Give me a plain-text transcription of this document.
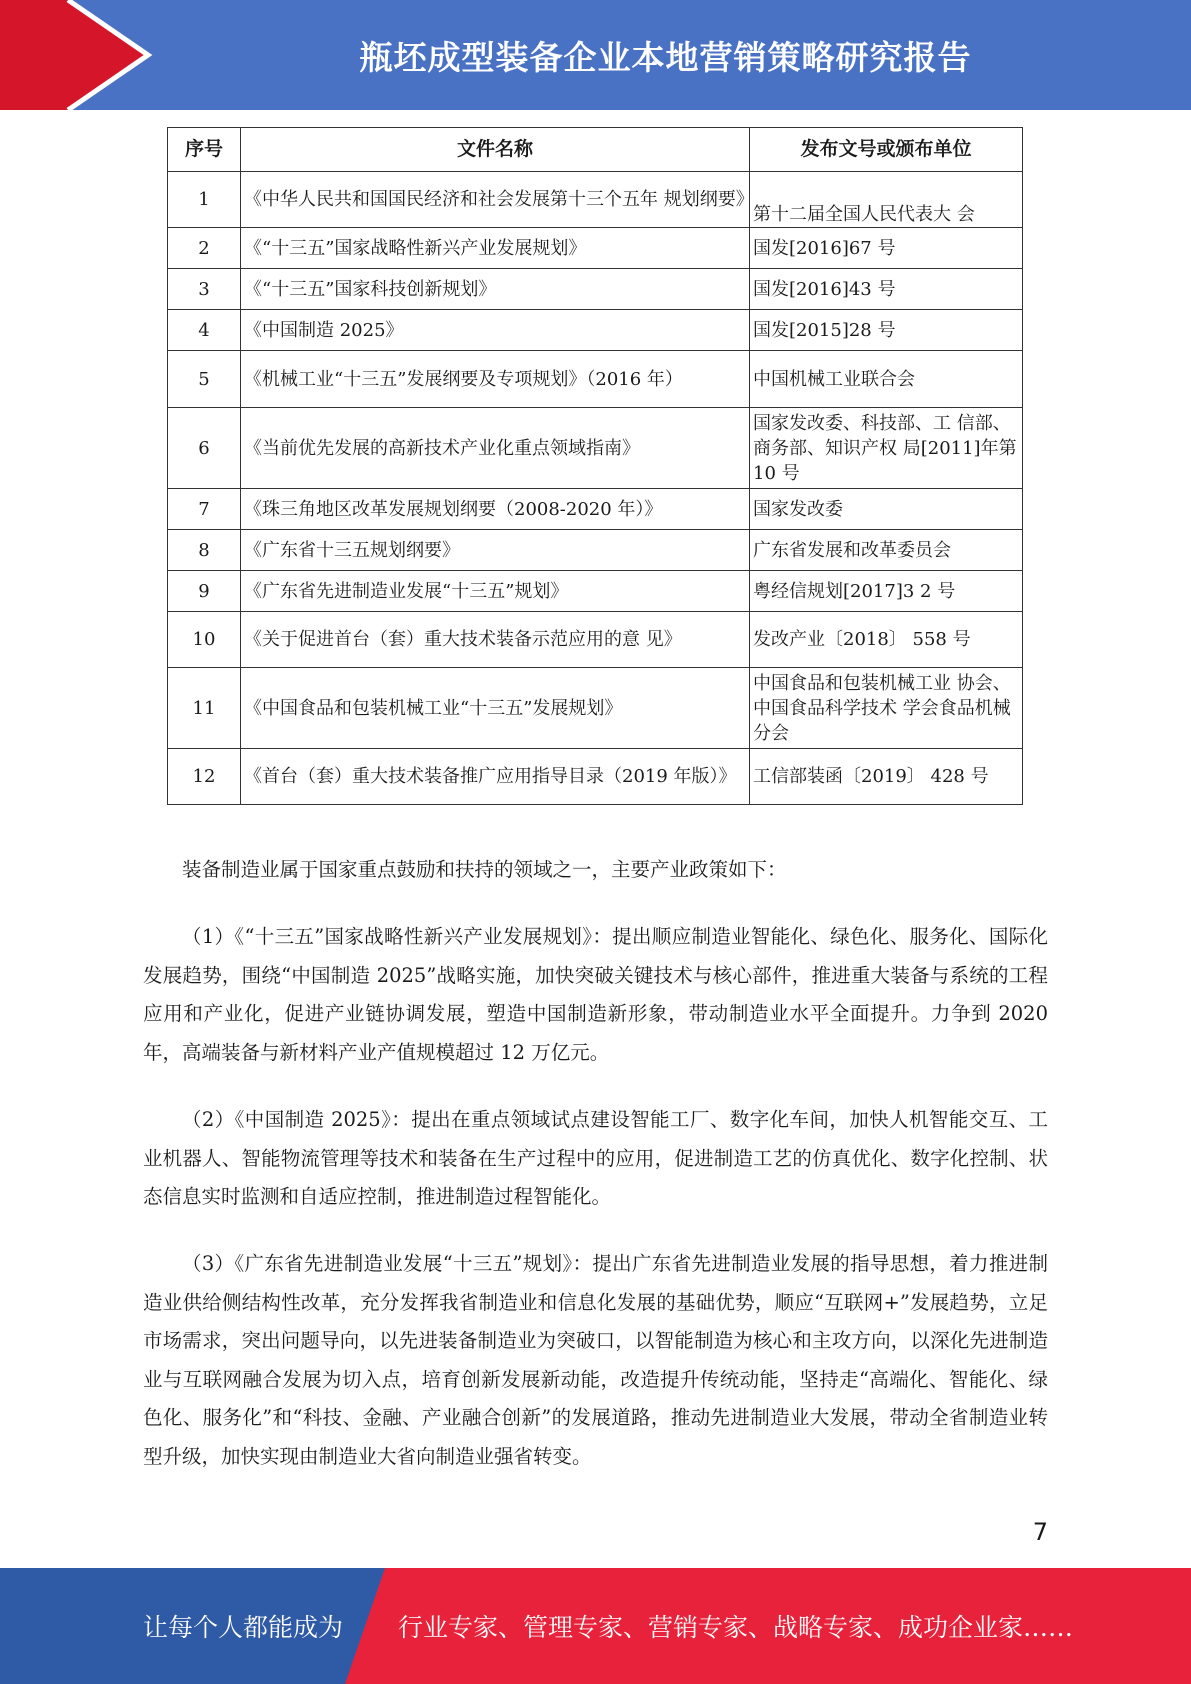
瓶坯成型装备企业本地营销策略研究报告
序号	文件名称	发布文号或颁布单位
1	《中华人民共和国国民经济和社会发展第十三个五年 规划纲要》	第十二届全国人民代表大 会
2	《“十三五”国家战略性新兴产业发展规划》	国发[2016]67 号
3	《“十三五”国家科技创新规划》	国发[2016]43 号
4	《中国制造 2025》	国发[2015]28 号
5	《机械工业“十三五”发展纲要及专项规划》（2016 年）	中国机械工业联合会
6	《当前优先发展的高新技术产业化重点领域指南》	国家发改委、科技部、工 信部、商务部、知识产权 局[2011]年第 10 号
7	《珠三角地区改革发展规划纲要（2008-2020 年）》	国家发改委
8	《广东省十三五规划纲要》	广东省发展和改革委员会
9	《广东省先进制造业发展“十三五”规划》	粤经信规划[2017]3 2 号
10	《关于促进首台（套）重大技术装备示范应用的意 见》	发改产业〔2018〕 558 号
11	《中国食品和包装机械工业“十三五”发展规划》	中国食品和包装机械工业 协会、中国食品科学技术 学会食品机械分会
12	《首台（套）重大技术装备推广应用指导目录（2019 年版）》	工信部装函〔2019〕 428 号

装备制造业属于国家重点鼓励和扶持的领域之一，主要产业政策如下：

（1）《“十三五”国家战略性新兴产业发展规划》：提出顺应制造业智能化、绿色化、服务化、国际化发展趋势，围绕“中国制造 2025”战略实施，加快突破关键技术与核心部件，推进重大装备与系统的工程应用和产业化，促进产业链协调发展，塑造中国制造新形象，带动制造业水平全面提升。力争到 2020 年，高端装备与新材料产业产值规模超过 12 万亿元。

（2）《中国制造 2025》：提出在重点领域试点建设智能工厂、数字化车间，加快人机智能交互、工业机器人、智能物流管理等技术和装备在生产过程中的应用，促进制造工艺的仿真优化、数字化控制、状态信息实时监测和自适应控制，推进制造过程智能化。

（3）《广东省先进制造业发展“十三五”规划》：提出广东省先进制造业发展的指导思想，着力推进制造业供给侧结构性改革，充分发挥我省制造业和信息化发展的基础优势，顺应“互联网+”发展趋势，立足市场需求，突出问题导向，以先进装备制造业为突破口，以智能制造为核心和主攻方向，以深化先进制造业与互联网融合发展为切入点，培育创新发展新动能，改造提升传统动能，坚持走“高端化、智能化、绿色化、服务化”和“科技、金融、产业融合创新”的发展道路，推动先进制造业大发展，带动全省制造业转型升级，加快实现由制造业大省向制造业强省转变。

7
让每个人都能成为 行业专家、管理专家、营销专家、战略专家、成功企业家……
